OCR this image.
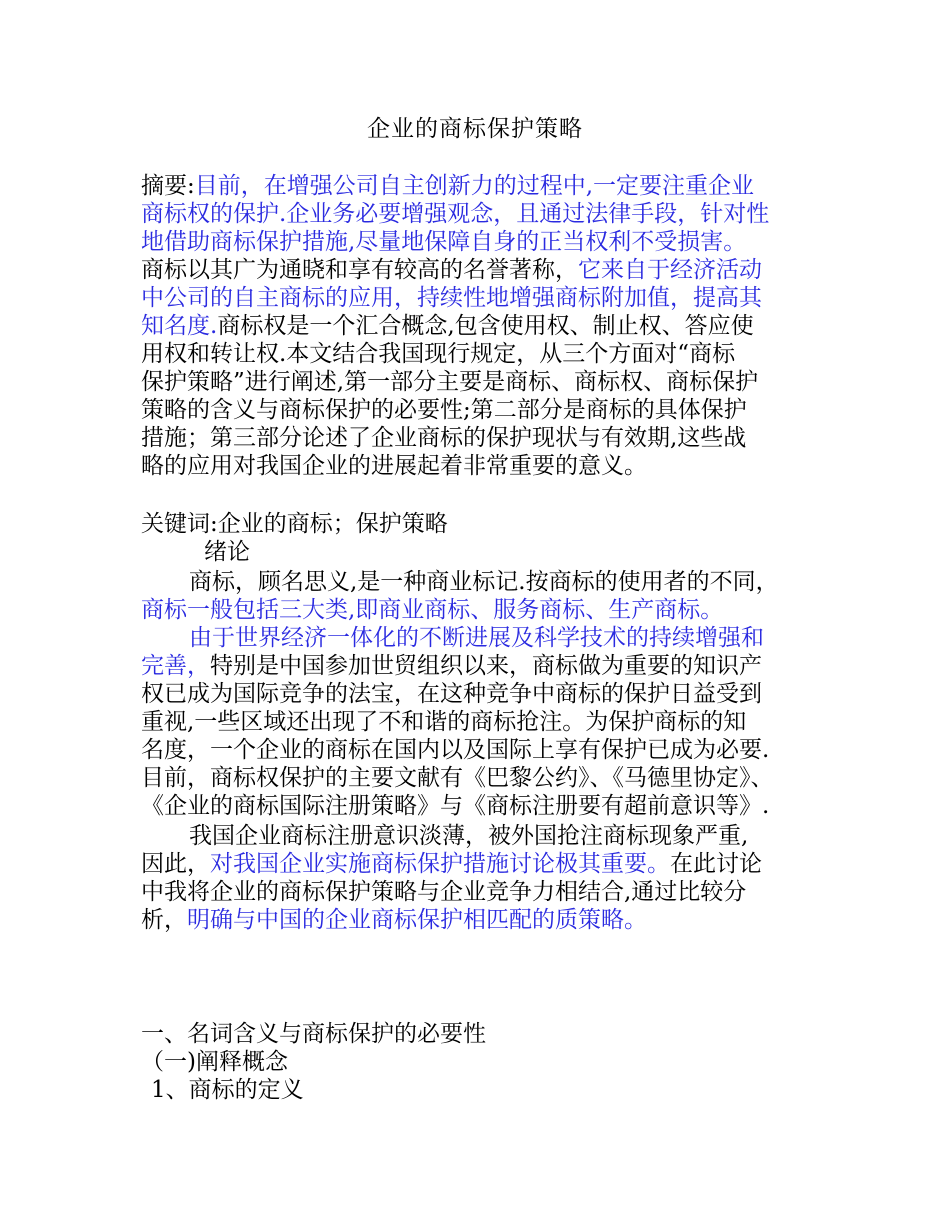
企业的商标保护策略
摘要:目前，在增强公司自主创新力的过程中,一定要注重企业
商标权的保护.企业务必要增强观念，且通过法律手段，针对性
地借助商标保护措施,尽量地保障自身的正当权利不受损害。
商标以其广为通晓和享有较高的名誉著称，它来自于经济活动
中公司的自主商标的应用，持续性地增强商标附加值，提高其
知名度.商标权是一个汇合概念,包含使用权、制止权、答应使
用权和转让权.本文结合我国现行规定，从三个方面对“商标
保护策略”进行阐述,第一部分主要是商标、商标权、商标保护
策略的含义与商标保护的必要性;第二部分是商标的具体保护
措施；第三部分论述了企业商标的保护现状与有效期,这些战
略的应用对我国企业的进展起着非常重要的意义。
关键词:企业的商标；保护策略
绪论
商标，顾名思义,是一种商业标记.按商标的使用者的不同，
商标一般包括三大类,即商业商标、服务商标、生产商标。
由于世界经济一体化的不断进展及科学技术的持续增强和
完善，特别是中国参加世贸组织以来，商标做为重要的知识产
权已成为国际竞争的法宝，在这种竞争中商标的保护日益受到
重视,一些区域还出现了不和谐的商标抢注。为保护商标的知
名度，一个企业的商标在国内以及国际上享有保护已成为必要.
目前，商标权保护的主要文献有《巴黎公约》、《马德里协定》、
《企业的商标国际注册策略》与《商标注册要有超前意识等》.
我国企业商标注册意识淡薄，被外国抢注商标现象严重,
因此，对我国企业实施商标保护措施讨论极其重要。在此讨论
中我将企业的商标保护策略与企业竞争力相结合,通过比较分
析，明确与中国的企业商标保护相匹配的质策略。
一、名词含义与商标保护的必要性
（一)阐释概念
1、商标的定义
